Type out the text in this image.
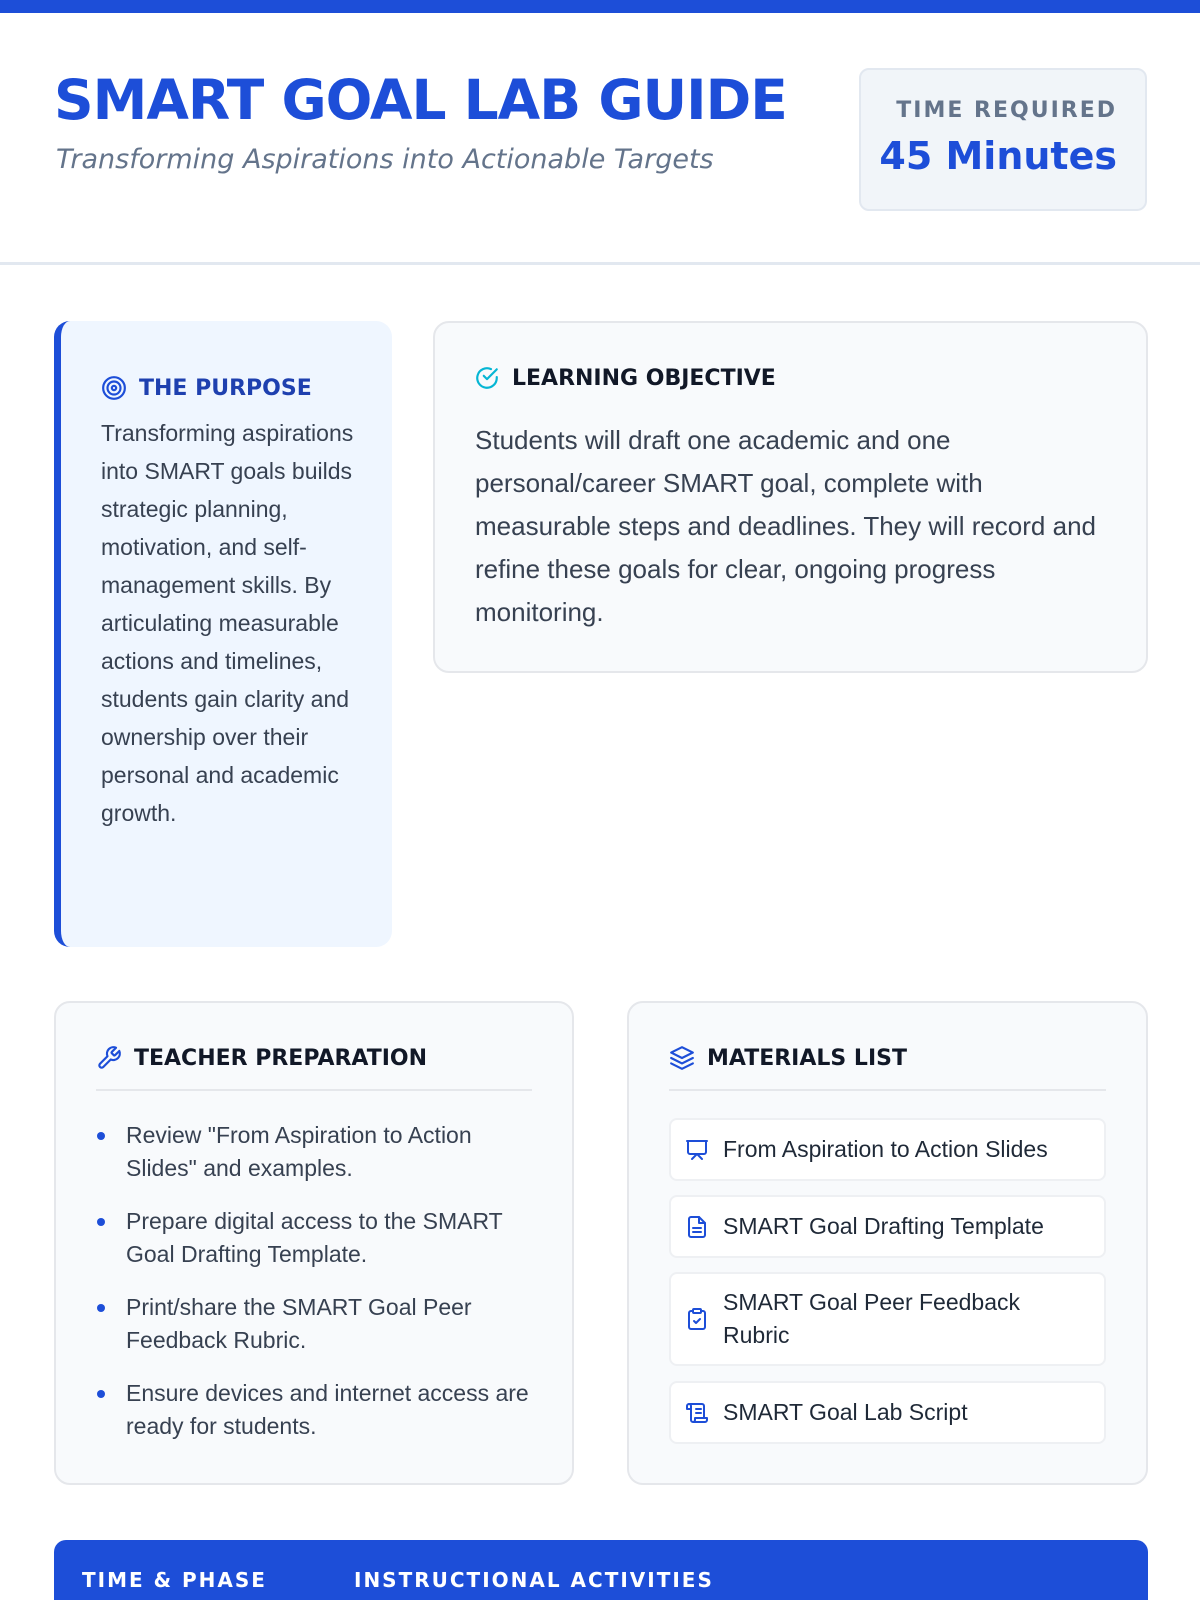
SMART GOAL LAB GUIDE
Transforming Aspirations into Actionable Targets
TIME REQUIRED
45 Minutes
THE PURPOSE

Transforming aspirations into SMART goals builds strategic planning, motivation, and self-management skills. By articulating measurable actions and timelines, students gain clarity and ownership over their personal and academic growth.

LEARNING OBJECTIVE

Students will draft one academic and one personal/career SMART goal, complete with measurable steps and deadlines. They will record and refine these goals for clear, ongoing progress monitoring.

TEACHER PREPARATION
Review "From Aspiration to Action Slides" and examples.
Prepare digital access to the SMART Goal Drafting Template.
Print/share the SMART Goal Peer Feedback Rubric.
Ensure devices and internet access are ready for students.
MATERIALS LIST
From Aspiration to Action Slides
SMART Goal Drafting Template
SMART Goal Peer Feedback Rubric
SMART Goal Lab Script
TIME & PHASE	INSTRUCTIONAL ACTIVITIES
